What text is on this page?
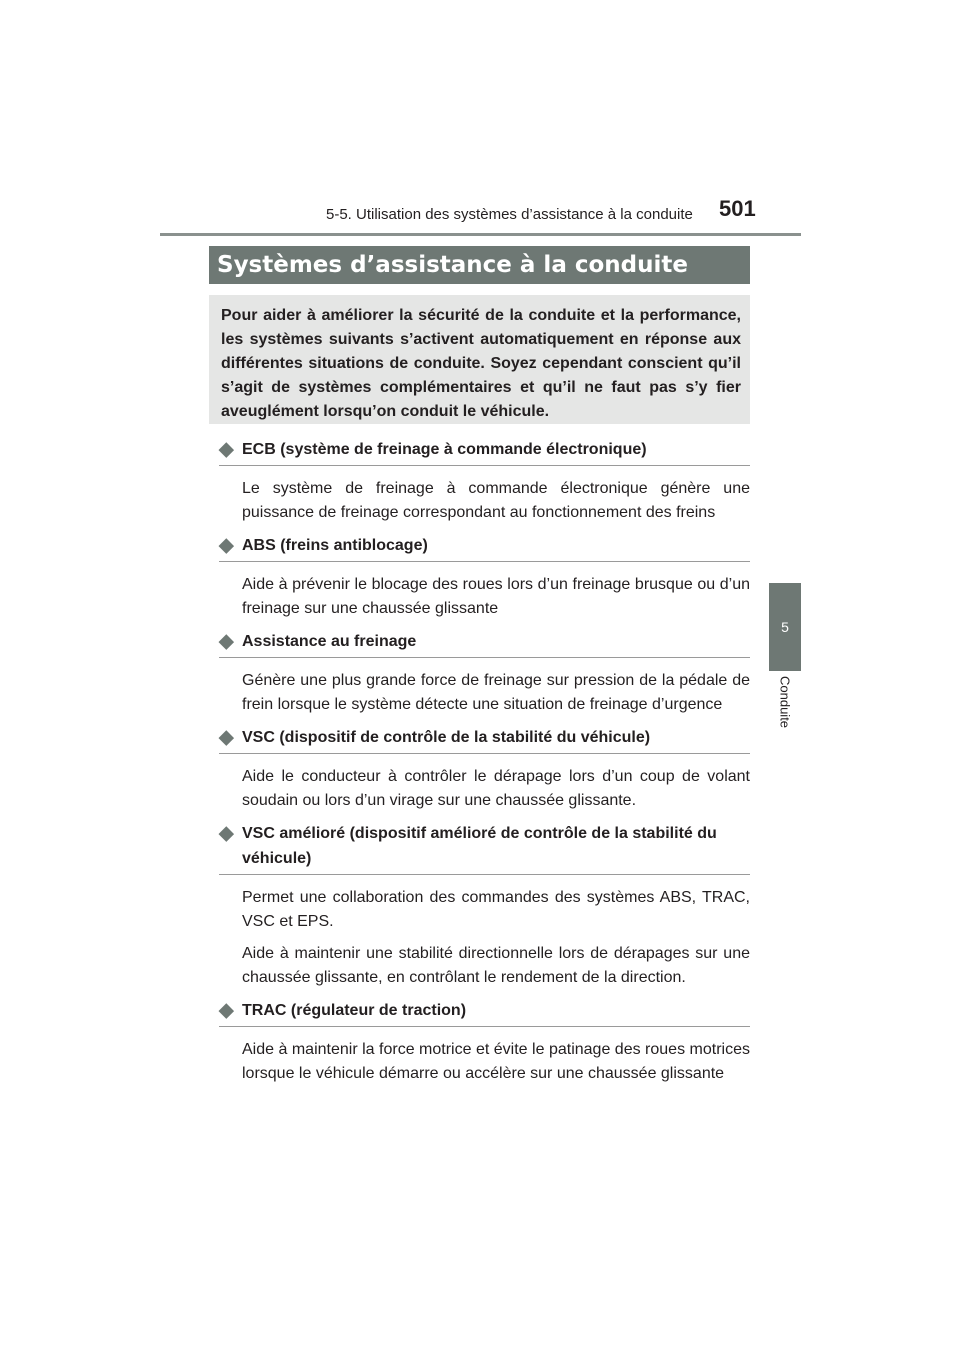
5-5. Utilisation des systèmes d’assistance à la conduite 501
5
Conduite
Systèmes d’assistance à la conduite
Pour aider à améliorer la sécurité de la conduite et la performance, les systèmes suivants s’activent automatiquement en réponse aux différentes situations de conduite. Soyez cependant conscient qu’il s’agit de systèmes complémentaires et qu’il ne faut pas s’y fier aveuglément lorsqu’on conduit le véhicule.
◆ ECB (système de freinage à commande électronique)

Le système de freinage à commande électronique génère une puissance de freinage correspondant au fonctionnement des freins

◆ ABS (freins antiblocage)

Aide à prévenir le blocage des roues lors d’un freinage brusque ou d’un freinage sur une chaussée glissante

◆ Assistance au freinage

Génère une plus grande force de freinage sur pression de la pédale de frein lorsque le système détecte une situation de freinage d’urgence

◆ VSC (dispositif de contrôle de la stabilité du véhicule)

Aide le conducteur à contrôler le dérapage lors d’un coup de volant soudain ou lors d’un virage sur une chaussée glissante.

◆ VSC amélioré (dispositif amélioré de contrôle de la stabilité du véhicule)

Permet une collaboration des commandes des systèmes ABS, TRAC, VSC et EPS.

Aide à maintenir une stabilité directionnelle lors de dérapages sur une chaussée glissante, en contrôlant le rendement de la direction.

◆ TRAC (régulateur de traction)

Aide à maintenir la force motrice et évite le patinage des roues motrices lorsque le véhicule démarre ou accélère sur une chaussée glissante
